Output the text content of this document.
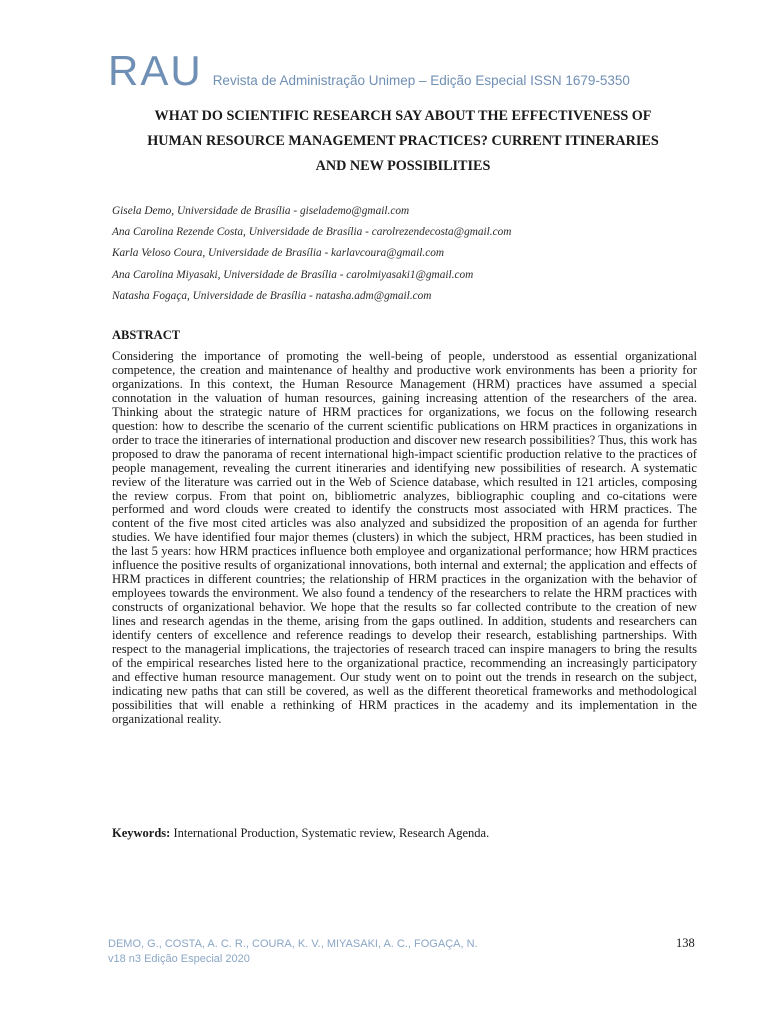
RAU Revista de Administração Unimep – Edição Especial ISSN 1679-5350
WHAT DO SCIENTIFIC RESEARCH SAY ABOUT THE EFFECTIVENESS OF
HUMAN RESOURCE MANAGEMENT PRACTICES? CURRENT ITINERARIES
AND NEW POSSIBILITIES
Gisela Demo, Universidade de Brasília - giselademo@gmail.com
Ana Carolina Rezende Costa, Universidade de Brasília - carolrezendecosta@gmail.com
Karla Veloso Coura, Universidade de Brasília - karlavcoura@gmail.com
Ana Carolina Miyasaki, Universidade de Brasília - carolmiyasaki1@gmail.com
Natasha Fogaça, Universidade de Brasília - natasha.adm@gmail.com
ABSTRACT
Considering the importance of promoting the well-being of people, understood as essential organizational competence, the creation and maintenance of healthy and productive work environments has been a priority for organizations. In this context, the Human Resource Management (HRM) practices have assumed a special connotation in the valuation of human resources, gaining increasing attention of the researchers of the area. Thinking about the strategic nature of HRM practices for organizations, we focus on the following research question: how to describe the scenario of the current scientific publications on HRM practices in organizations in order to trace the itineraries of international production and discover new research possibilities? Thus, this work has proposed to draw the panorama of recent international high-impact scientific production relative to the practices of people management, revealing the current itineraries and identifying new possibilities of research. A systematic review of the literature was carried out in the Web of Science database, which resulted in 121 articles, composing the review corpus. From that point on, bibliometric analyzes, bibliographic coupling and co-citations were performed and word clouds were created to identify the constructs most associated with HRM practices. The content of the five most cited articles was also analyzed and subsidized the proposition of an agenda for further studies. We have identified four major themes (clusters) in which the subject, HRM practices, has been studied in the last 5 years: how HRM practices influence both employee and organizational performance; how HRM practices influence the positive results of organizational innovations, both internal and external; the application and effects of HRM practices in different countries; the relationship of HRM practices in the organization with the behavior of employees towards the environment. We also found a tendency of the researchers to relate the HRM practices with constructs of organizational behavior. We hope that the results so far collected contribute to the creation of new lines and research agendas in the theme, arising from the gaps outlined. In addition, students and researchers can identify centers of excellence and reference readings to develop their research, establishing partnerships. With respect to the managerial implications, the trajectories of research traced can inspire managers to bring the results of the empirical researches listed here to the organizational practice, recommending an increasingly participatory and effective human resource management. Our study went on to point out the trends in research on the subject, indicating new paths that can still be covered, as well as the different theoretical frameworks and methodological possibilities that will enable a rethinking of HRM practices in the academy and its implementation in the organizational reality.
Keywords: International Production, Systematic review, Research Agenda.
DEMO, G., COSTA, A. C. R., COURA, K. V., MIYASAKI, A. C., FOGAÇA, N.
v18 n3 Edição Especial 2020
138
